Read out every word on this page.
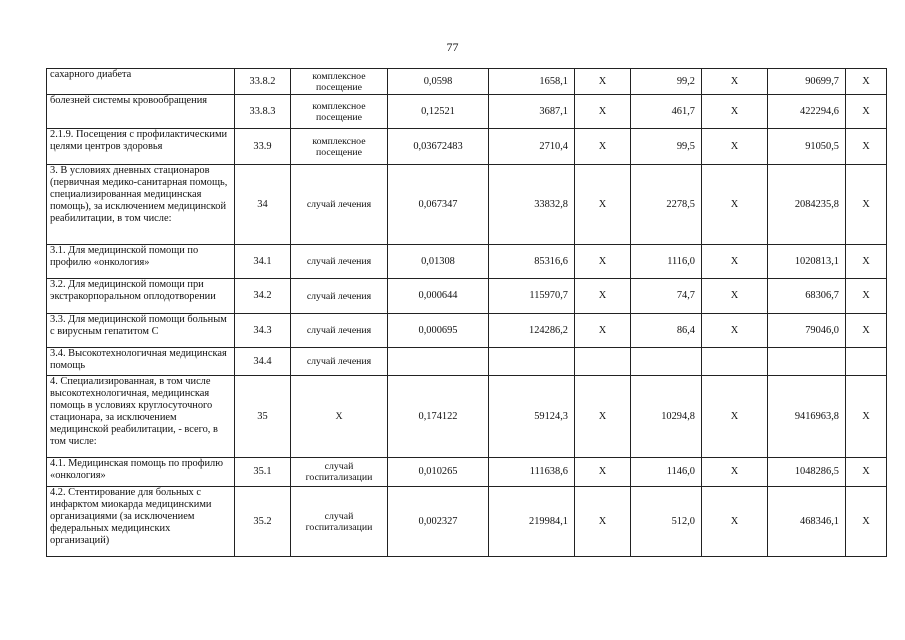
77
сахарного диабета	33.8.2	комплексное посещение	0,0598	1658,1	X	99,2	X	90699,7	X
болезней системы кровообращения	33.8.3	комплексное посещение	0,12521	3687,1	X	461,7	X	422294,6	X
2.1.9. Посещения с профилактическими целями центров здоровья	33.9	комплексное посещение	0,03672483	2710,4	X	99,5	X	91050,5	X
3. В условиях дневных стационаров (первичная медико-санитарная помощь, специализированная медицинская помощь), за исключением медицинской реабилитации, в том числе:	34	случай лечения	0,067347	33832,8	X	2278,5	X	2084235,8	X
3.1. Для медицинской помощи по профилю «онкология»	34.1	случай лечения	0,01308	85316,6	X	1116,0	X	1020813,1	X
3.2. Для медицинской помощи при экстракорпоральном оплодотворении	34.2	случай лечения	0,000644	115970,7	X	74,7	X	68306,7	X
3.3. Для медицинской помощи больным с вирусным гепатитом С	34.3	случай лечения	0,000695	124286,2	X	86,4	X	79046,0	X
3.4. Высокотехнологичная медицинская помощь	34.4	случай лечения							
4. Специализированная, в том числе высокотехнологичная, медицинская помощь в условиях круглосуточного стационара, за исключением медицинской реабилитации, - всего, в том числе:	35	X	0,174122	59124,3	X	10294,8	X	9416963,8	X
4.1. Медицинская помощь по профилю «онкология»	35.1	случай госпитализации	0,010265	111638,6	X	1146,0	X	1048286,5	X
4.2. Стентирование для больных с инфарктом миокарда медицинскими организациями (за исключением федеральных медицинских организаций)	35.2	случай госпитализации	0,002327	219984,1	X	512,0	X	468346,1	X
